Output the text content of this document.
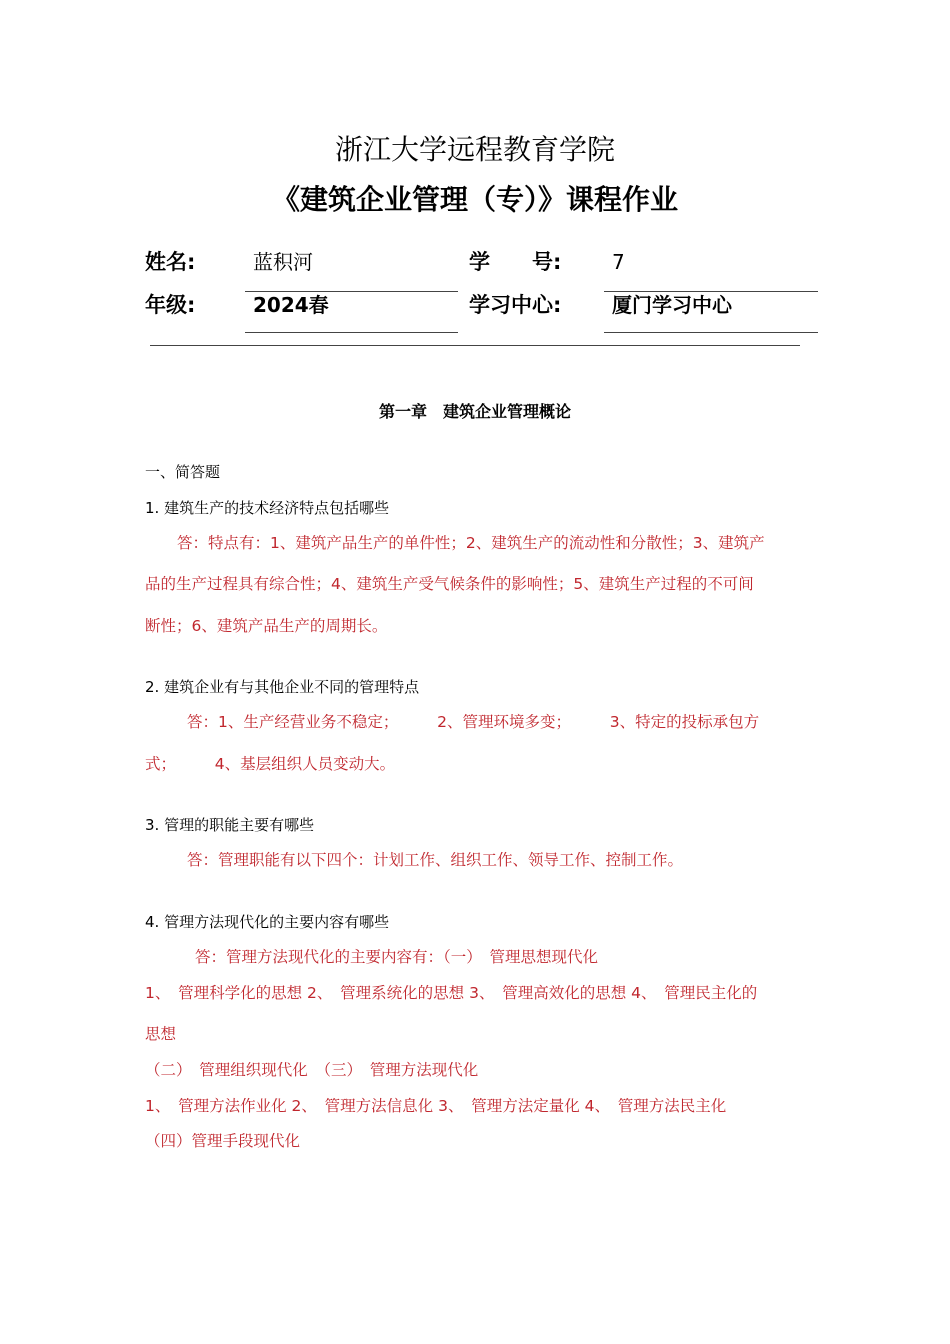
浙江大学远程教育学院
《建筑企业管理（专）》课程作业
姓名:	蓝积河	学　　号:	7
年级:	2024春	学习中心:	厦门学习中心
第一章　建筑企业管理概论
一、简答题
1. 建筑生产的技术经济特点包括哪些
答：特点有：1、建筑产品生产的单件性；2、建筑生产的流动性和分散性；3、建筑产
品的生产过程具有综合性；4、建筑生产受气候条件的影响性；5、建筑生产过程的不可间
断性；6、建筑产品生产的周期长。
2. 建筑企业有与其他企业不同的管理特点
答：1、生产经营业务不稳定；　　　2、管理环境多变；　　　3、特定的投标承包方
式；　　　4、基层组织人员变动大。
3. 管理的职能主要有哪些
答：管理职能有以下四个：计划工作、组织工作、领导工作、控制工作。
4. 管理方法现代化的主要内容有哪些
答：管理方法现代化的主要内容有：（一）　管理思想现代化
1、　管理科学化的思想 2、　管理系统化的思想 3、　管理高效化的思想 4、　管理民主化的
思想
（二）　管理组织现代化　（三）　管理方法现代化
1、　管理方法作业化 2、　管理方法信息化 3、　管理方法定量化 4、　管理方法民主化
（四）管理手段现代化
